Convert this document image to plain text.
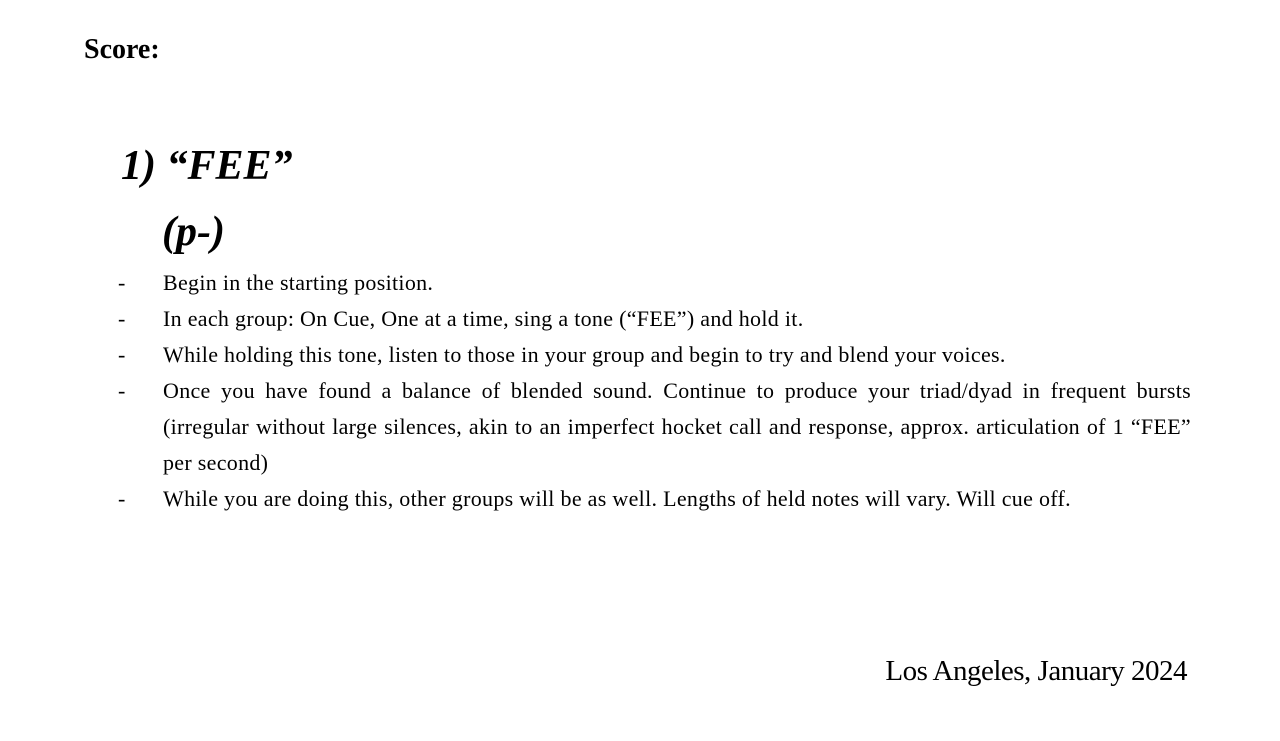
Score:
1) “FEE”
(p-)
-	Begin in the starting position.
-	In each group: On Cue, One at a time, sing a tone (“FEE”) and hold it.
-	While holding this tone, listen to those in your group and begin to try and blend your voices.
-	Once you have found a balance of blended sound. Continue to produce your triad/dyad in frequent bursts (irregular without large silences, akin to an imperfect hocket call and response, approx. articulation of 1 “FEE” per second)
-	While you are doing this, other groups will be as well. Lengths of held notes will vary. Will cue off.
Los Angeles, January 2024
